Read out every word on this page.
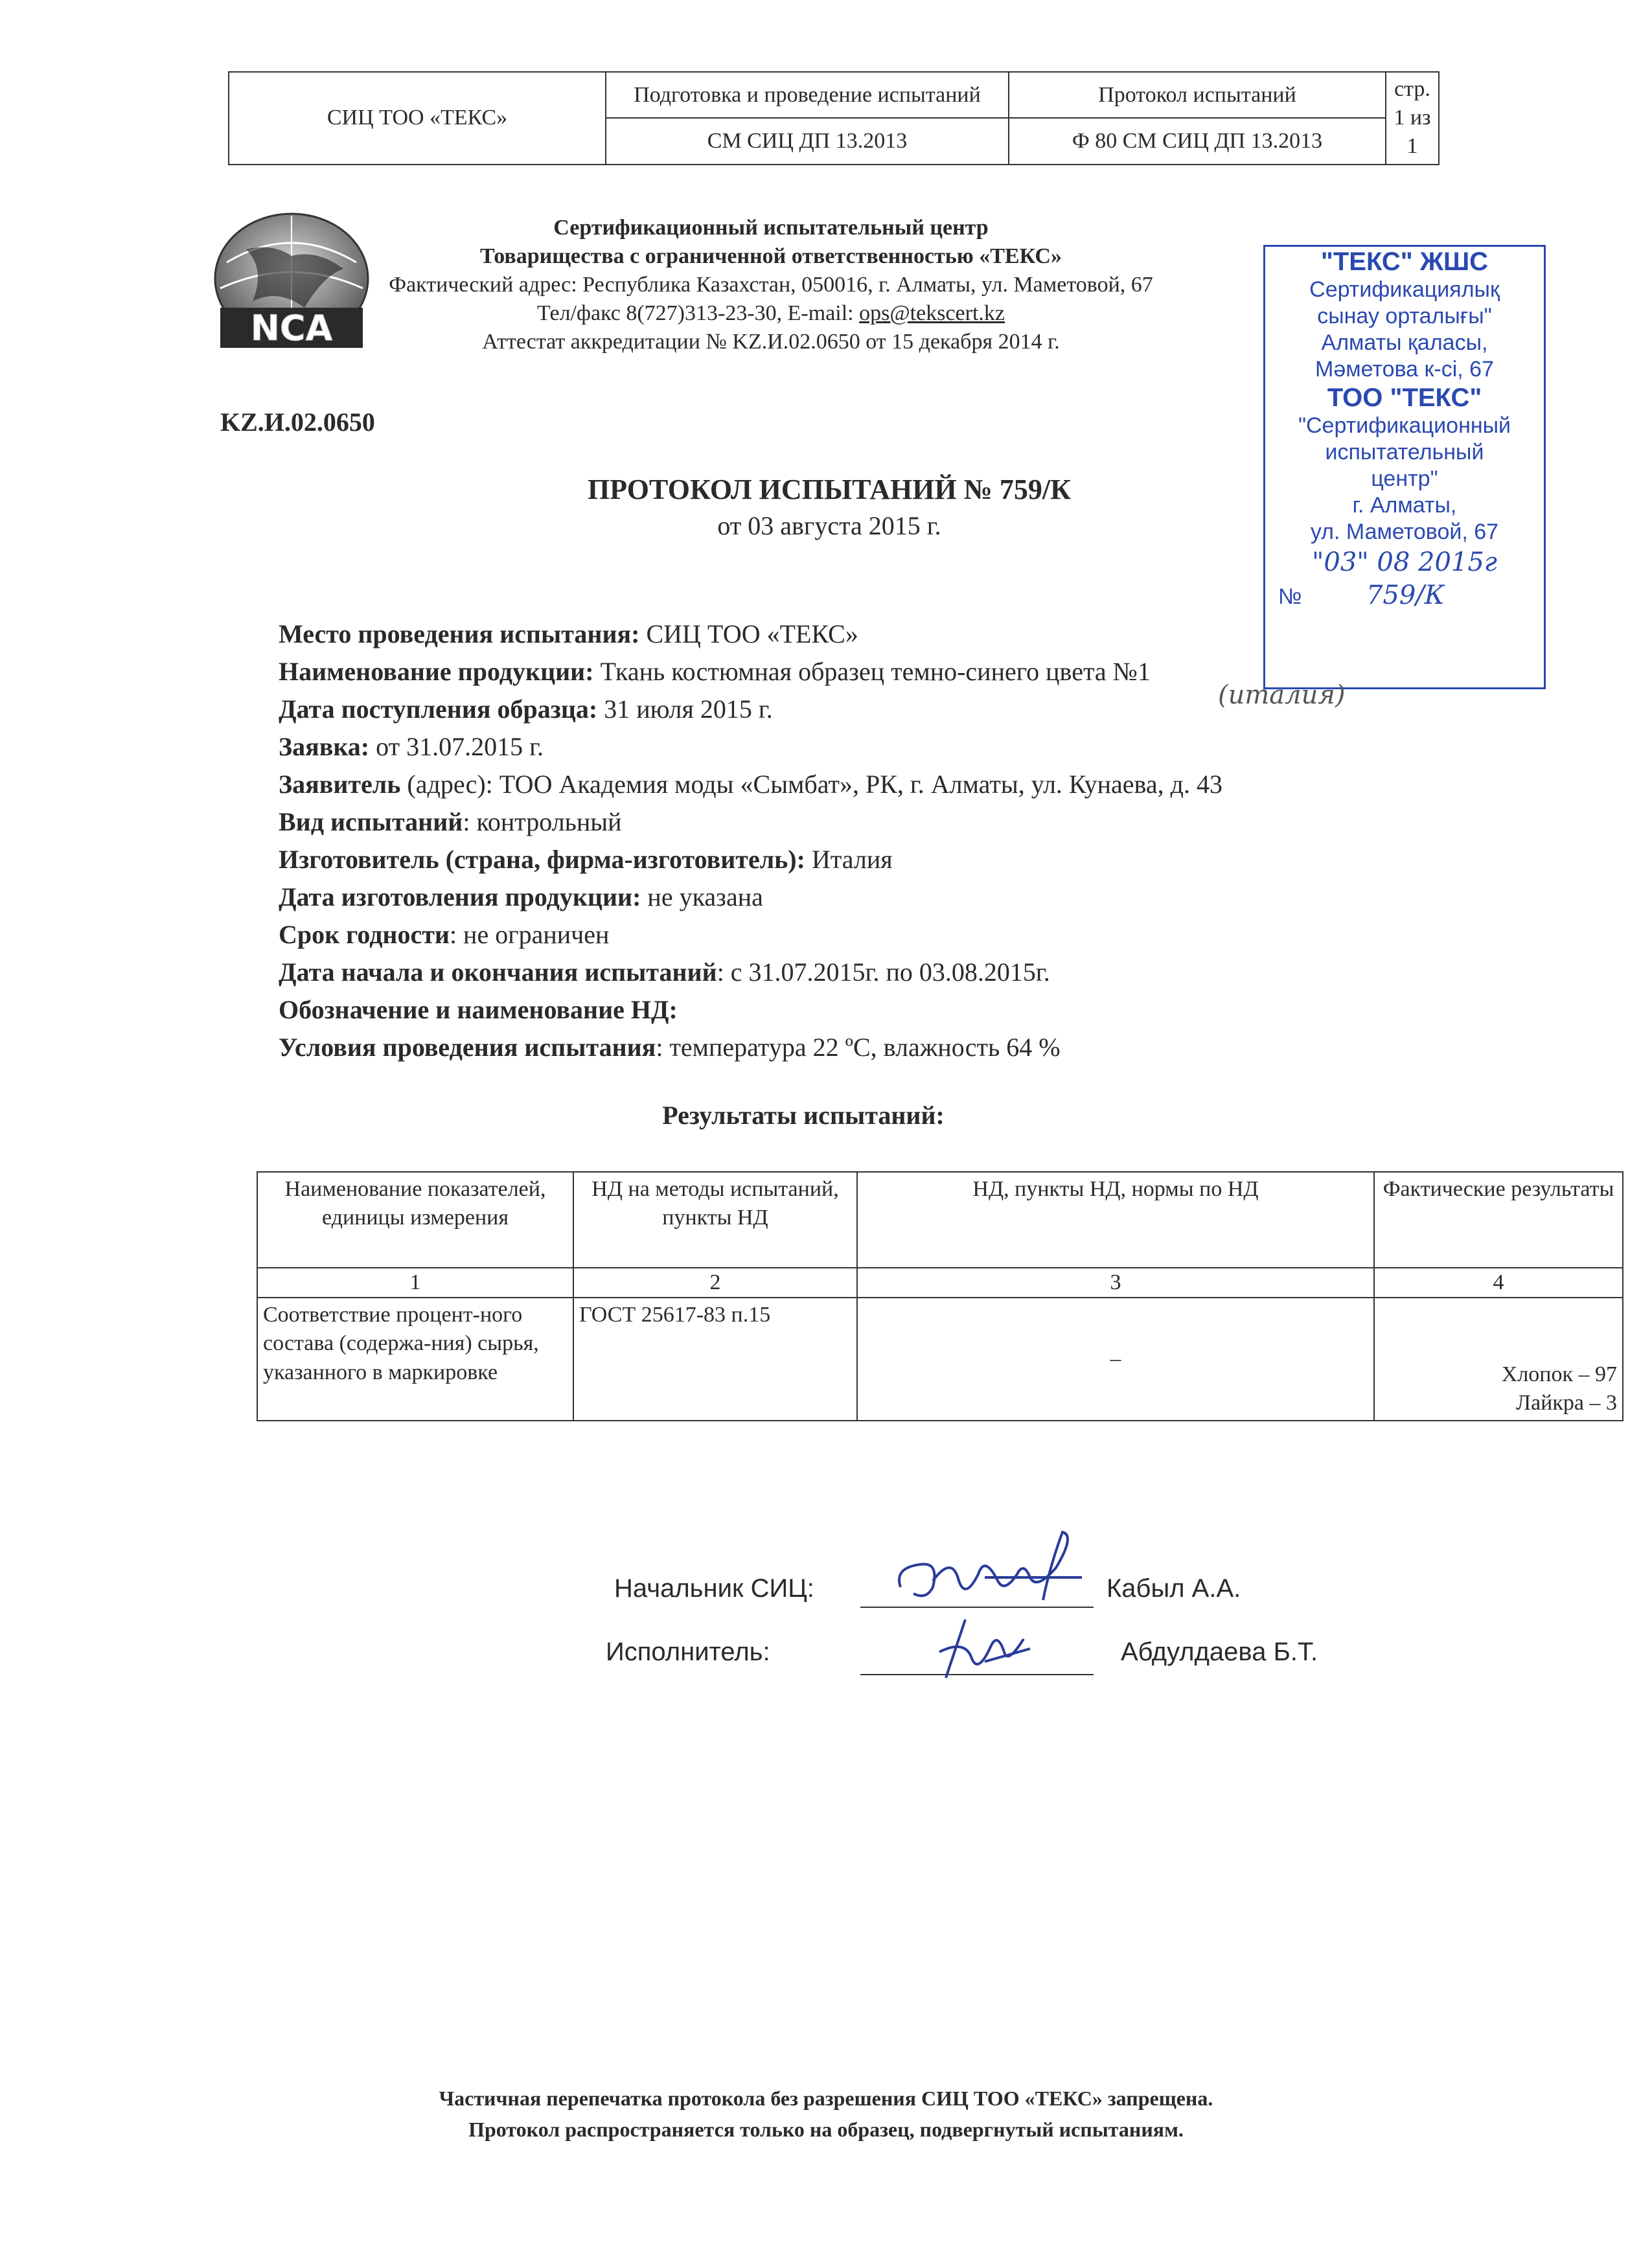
СИЦ ТОО «ТЕКС»	Подготовка и проведение испытаний	Протокол испытаний	стр. 1 из 1
	СМ СИЦ ДП 13.2013	Ф 80 СМ СИЦ ДП 13.2013	
NCA
Сертификационный испытательный центр
Товарищества с ограниченной ответственностью «ТЕКС»
Фактический адрес: Республика Казахстан, 050016, г. Алматы, ул. Маметовой, 67
Тел/факс 8(727)313-23-30, E-mail: ops@tekscert.kz
Аттестат аккредитации № KZ.И.02.0650 от 15 декабря 2014 г.
KZ.И.02.0650
ПРОТОКОЛ ИСПЫТАНИЙ № 759/К
от 03 августа 2015 г.
Место проведения испытания: СИЦ ТОО «ТЕКС»
Наименование продукции: Ткань костюмная образец темно-синего цвета №1
Дата поступления образца: 31 июля 2015 г.
Заявка: от 31.07.2015 г.
Заявитель (адрес): ТОО Академия моды «Сымбат», РК, г. Алматы, ул. Кунаева, д. 43
Вид испытаний: контрольный
Изготовитель (страна, фирма-изготовитель): Италия
Дата изготовления продукции: не указана
Срок годности: не ограничен
Дата начала и окончания испытаний: с 31.07.2015г. по 03.08.2015г.
Обозначение и наименование НД:
Условия проведения испытания: температура 22 ºС, влажность 64 %
"ТЕКС" ЖШС
Сертификациялық
сынау орталығы"
Алматы қаласы,
Мәметова к-сі, 67
ТОО "ТЕКС"
"Сертификационный
испытательный
центр"
г. Алматы,
ул. Маметовой, 67
"03" 08 2015г
№ 759/К
(италия)
Результаты испытаний:
Наименование показателей, единицы измерения	НД на методы испытаний, пункты НД	НД, пункты НД, нормы по НД	Фактические результаты
1	2	3	4
Соответствие процент-ного состава (содержа-ния) сырья, указанного в маркировке	ГОСТ 25617-83 п.15	–	Хлопок – 97
Лайкра – 3
Начальник СИЦ:	Кабыл А.А.
Исполнитель:	Абдулдаева Б.Т.
Частичная перепечатка протокола без разрешения СИЦ ТОО «ТЕКС» запрещена.
Протокол распространяется только на образец, подвергнутый испытаниям.
